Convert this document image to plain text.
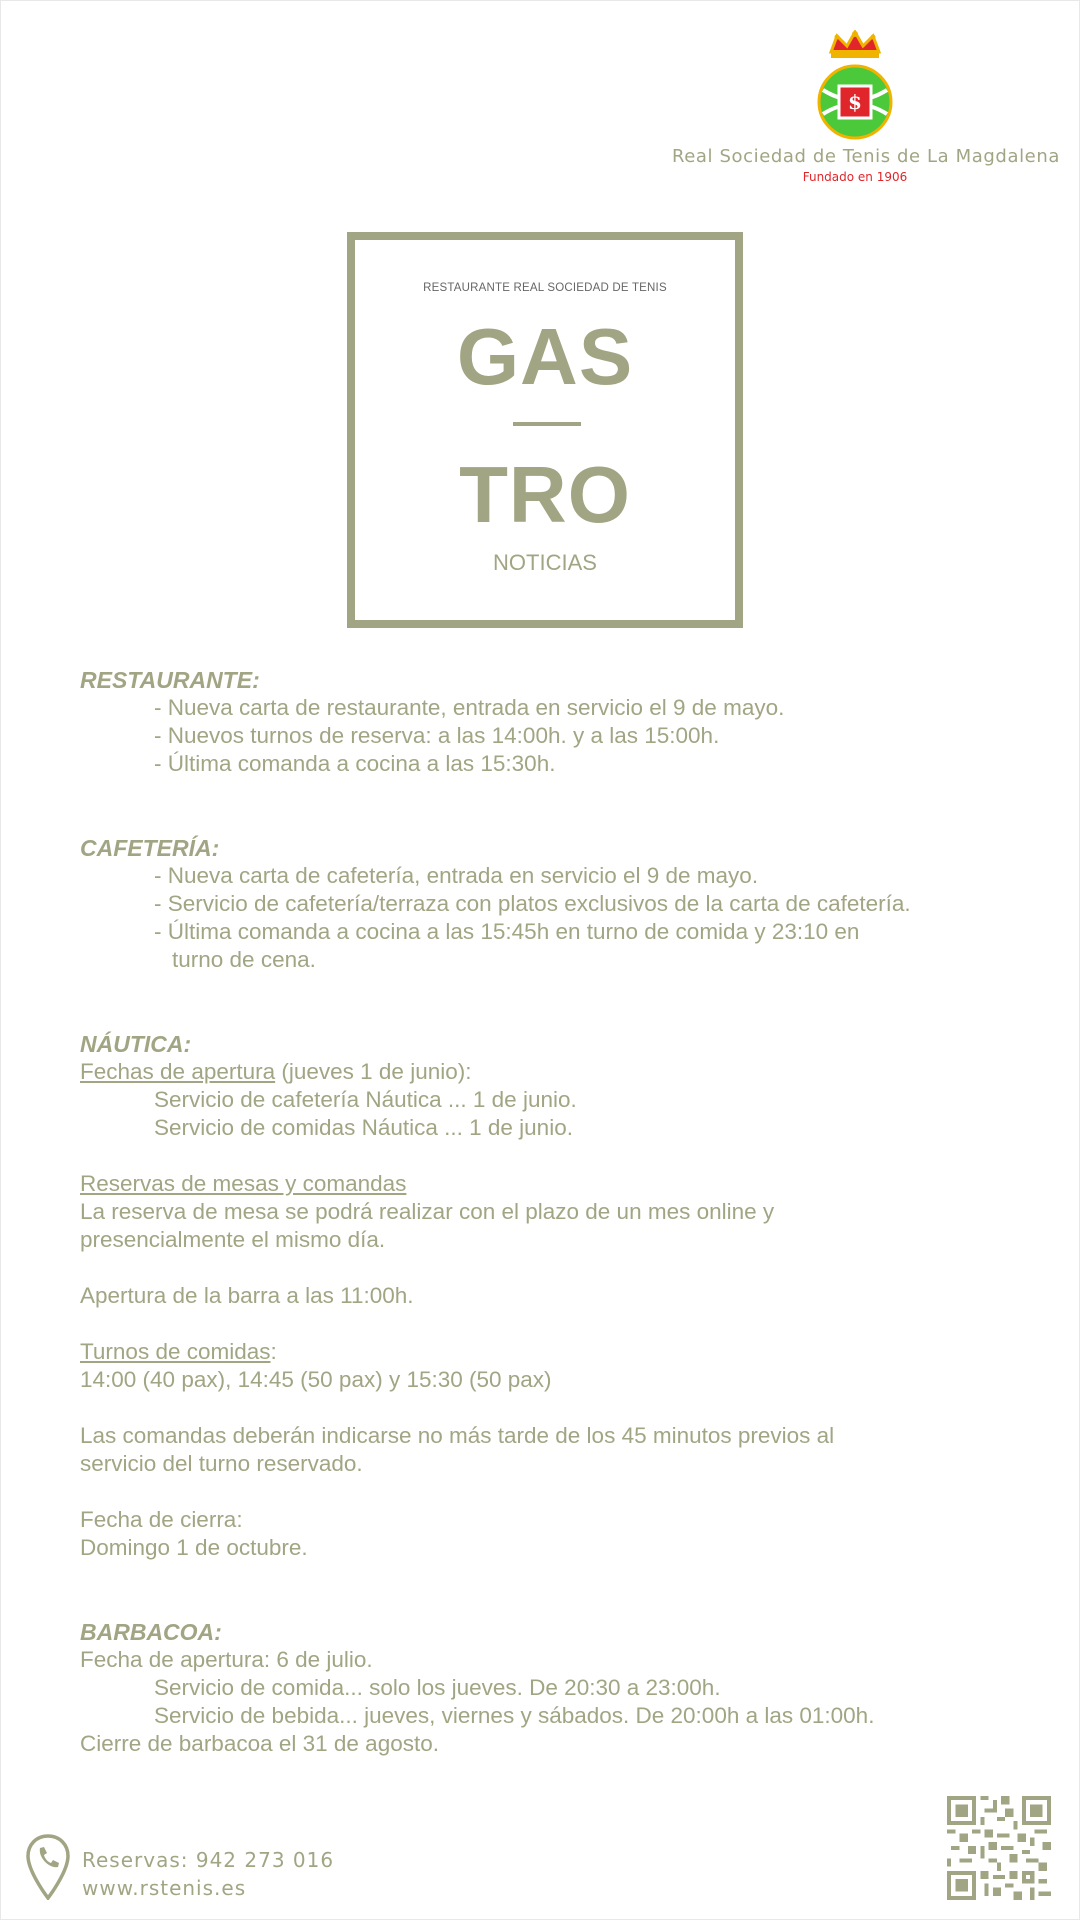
$
Real Sociedad de Tenis de La Magdalena
Fundado en 1906
RESTAURANTE REAL SOCIEDAD DE TENIS
GAS
TRO
NOTICIAS

RESTAURANTE:

- Nueva carta de restaurante, entrada en servicio el 9 de mayo.

- Nuevos turnos de reserva: a las 14:00h. y a las 15:00h.

- Última comanda a cocina a las 15:30h.

CAFETERÍA:

- Nueva carta de cafetería, entrada en servicio el 9 de mayo.

- Servicio de cafetería/terraza con platos exclusivos de la carta de cafetería.

- Última comanda a cocina a las 15:45h en turno de comida y 23:10 en

turno de cena.

NÁUTICA:

Fechas de apertura (jueves 1 de junio):

Servicio de cafetería Náutica ... 1 de junio.

Servicio de comidas Náutica ... 1 de junio.

Reservas de mesas y comandas

La reserva de mesa se podrá realizar con el plazo de un mes online y

presencialmente el mismo día.

Apertura de la barra a las 11:00h.

Turnos de comidas:

14:00 (40 pax), 14:45 (50 pax) y 15:30 (50 pax)

Las comandas deberán indicarse no más tarde de los 45 minutos previos al

servicio del turno reservado.

Fecha de cierra:

Domingo 1 de octubre.

BARBACOA:

Fecha de apertura: 6 de julio.

Servicio de comida... solo los jueves. De 20:30 a 23:00h.

Servicio de bebida... jueves, viernes y sábados. De 20:00h a las 01:00h.

Cierre de barbacoa el 31 de agosto.

Reservas: 942 273 016
www.rstenis.es
